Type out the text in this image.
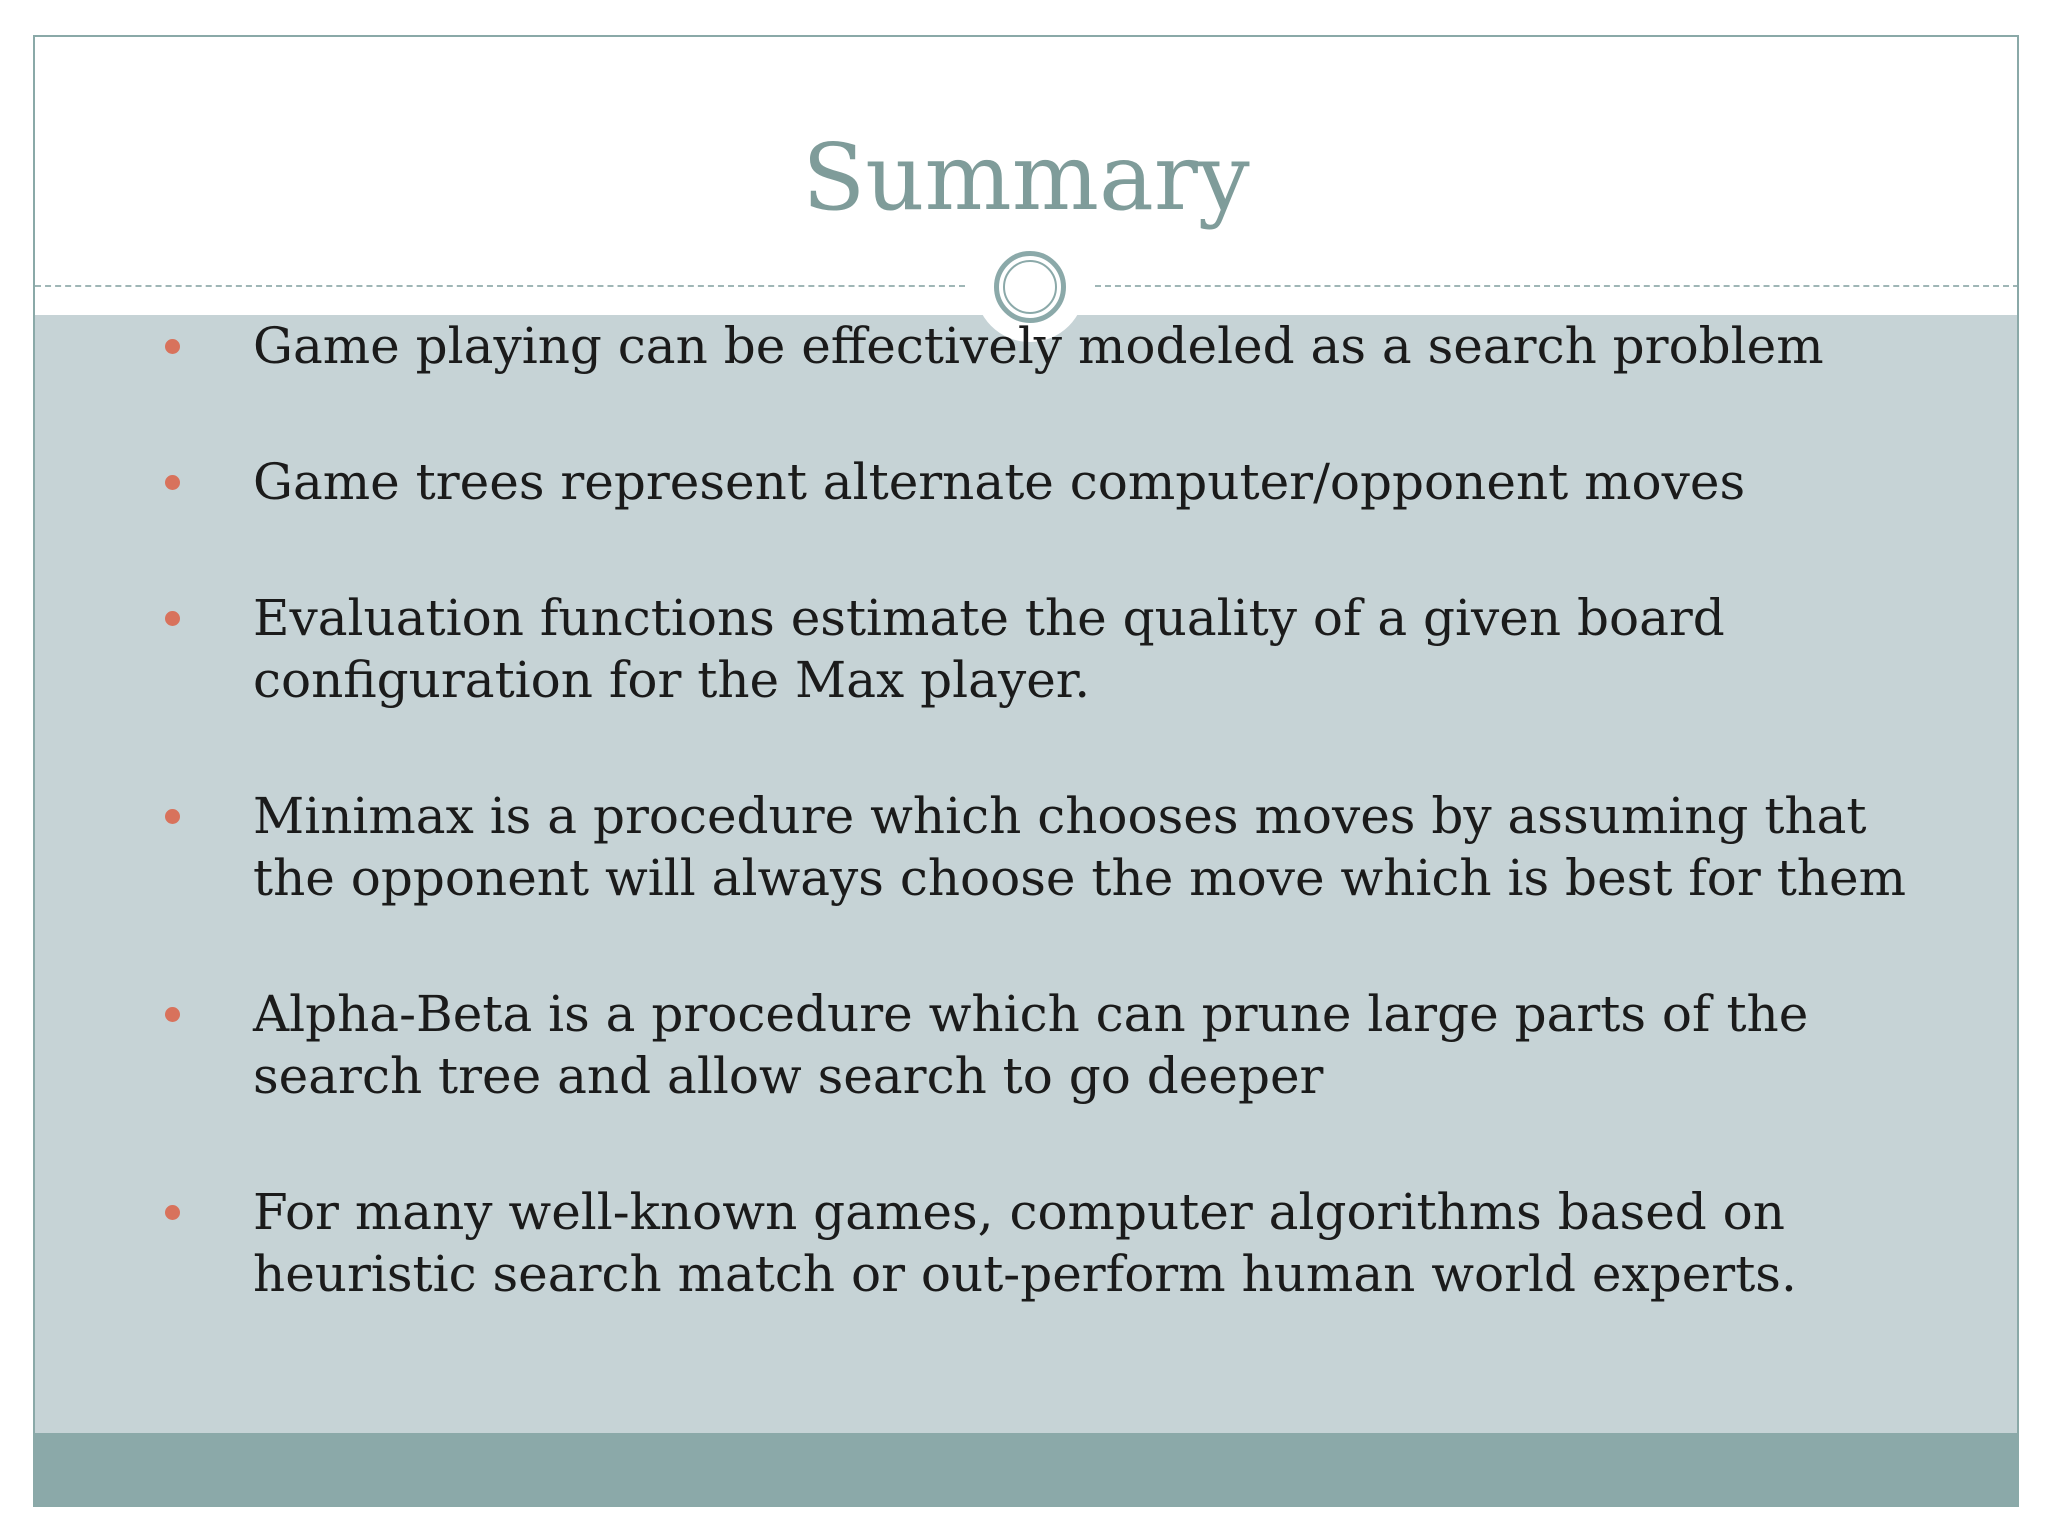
Summary
Game playing can be effectively modeled as a search problem
Game trees represent alternate computer/opponent moves
Evaluation functions estimate the quality of a given board configuration for the Max player.
Minimax is a procedure which chooses moves by assuming that the opponent will always choose the move which is best for them
Alpha-Beta is a procedure which can prune large parts of the search tree and allow search to go deeper
For many well-known games, computer algorithms based on heuristic search match or out-perform human world experts.
